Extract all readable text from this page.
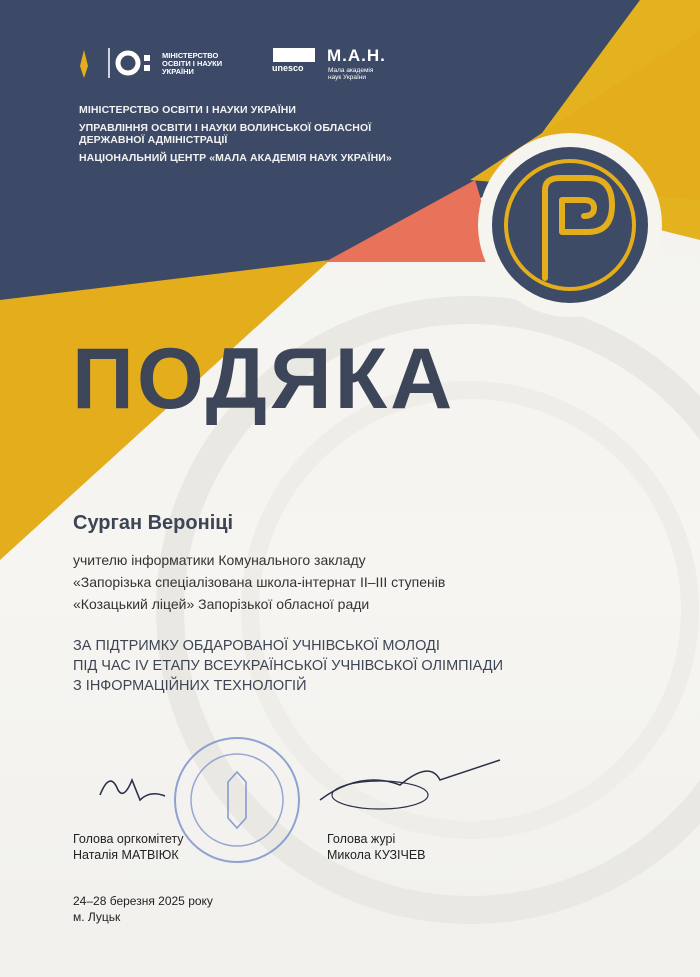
МІНІСТЕРСТВО
ОСВІТИ І НАУКИ
УКРАЇНИ	unesco
М.А.Н.
Мала академія
наук України
МІНІСТЕРСТВО ОСВІТИ І НАУКИ УКРАЇНИ
УПРАВЛІННЯ ОСВІТИ І НАУКИ ВОЛИНСЬКОЇ ОБЛАСНОЇ
ДЕРЖАВНОЇ АДМІНІСТРАЦІЇ
НАЦІОНАЛЬНИЙ ЦЕНТР «МАЛА АКАДЕМІЯ НАУК УКРАЇНИ»
ПОДЯКА
Сурган Вероніці
учителю інформатики Комунального закладу
«Запорізька спеціалізована школа-інтернат ІІ–ІІІ ступенів
«Козацький ліцей» Запорізької обласної ради
ЗА ПІДТРИМКУ ОБДАРОВАНОЇ УЧНІВСЬКОЇ МОЛОДІ
ПІД ЧАС IV ЕТАПУ ВСЕУКРАЇНСЬКОЇ УЧНІВСЬКОЇ ОЛІМПІАДИ
З ІНФОРМАЦІЙНИХ ТЕХНОЛОГІЙ
Голова оргкомітету
Наталія МАТВІЮК
Голова журі
Микола КУЗІЧЕВ
24–28 березня 2025 року
м. Луцьк
